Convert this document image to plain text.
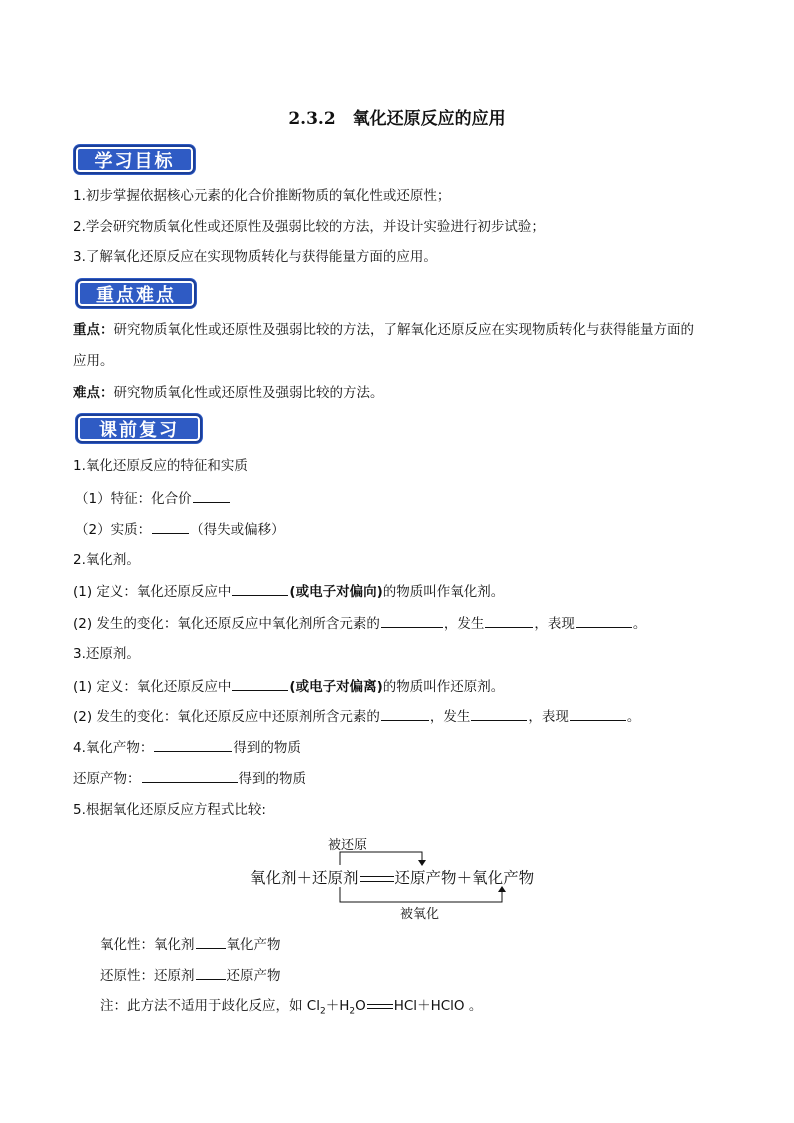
2.3.2　氧化还原反应的应用
学习目标
1.初步掌握依据核心元素的化合价推断物质的氧化性或还原性；
2.学会研究物质氧化性或还原性及强弱比较的方法，并设计实验进行初步试验；
3.了解氧化还原反应在实现物质转化与获得能量方面的应用。
重点难点
重点：研究物质氧化性或还原性及强弱比较的方法，了解氧化还原反应在实现物质转化与获得能量方面的
应用。
难点：研究物质氧化性或还原性及强弱比较的方法。
课前复习
1.氧化还原反应的特征和实质
（1）特征：化合价
（2）实质：	（得失或偏移）
2.氧化剂。
(1) 定义：氧化还原反应中	(或电子对偏向)的物质叫作氧化剂。
(2) 发生的变化：氧化还原反应中氧化剂所含元素的	，发生	，表现	。
3.还原剂。
(1) 定义：氧化还原反应中	(或电子对偏离)的物质叫作还原剂。
(2) 发生的变化：氧化还原反应中还原剂所含元素的	，发生	，表现	。
4.氧化产物：	得到的物质
还原产物：	得到的物质
5.根据氧化还原反应方程式比较:
被还原
被氧化
氧化剂＋还原剂 还原产物＋氧化产物
氧化性：氧化剂 氧化产物
还原性：还原剂 还原产物
注：此方法不适用于歧化反应，如 $Cl_2+H_2O$ HCl＋HClO 。
